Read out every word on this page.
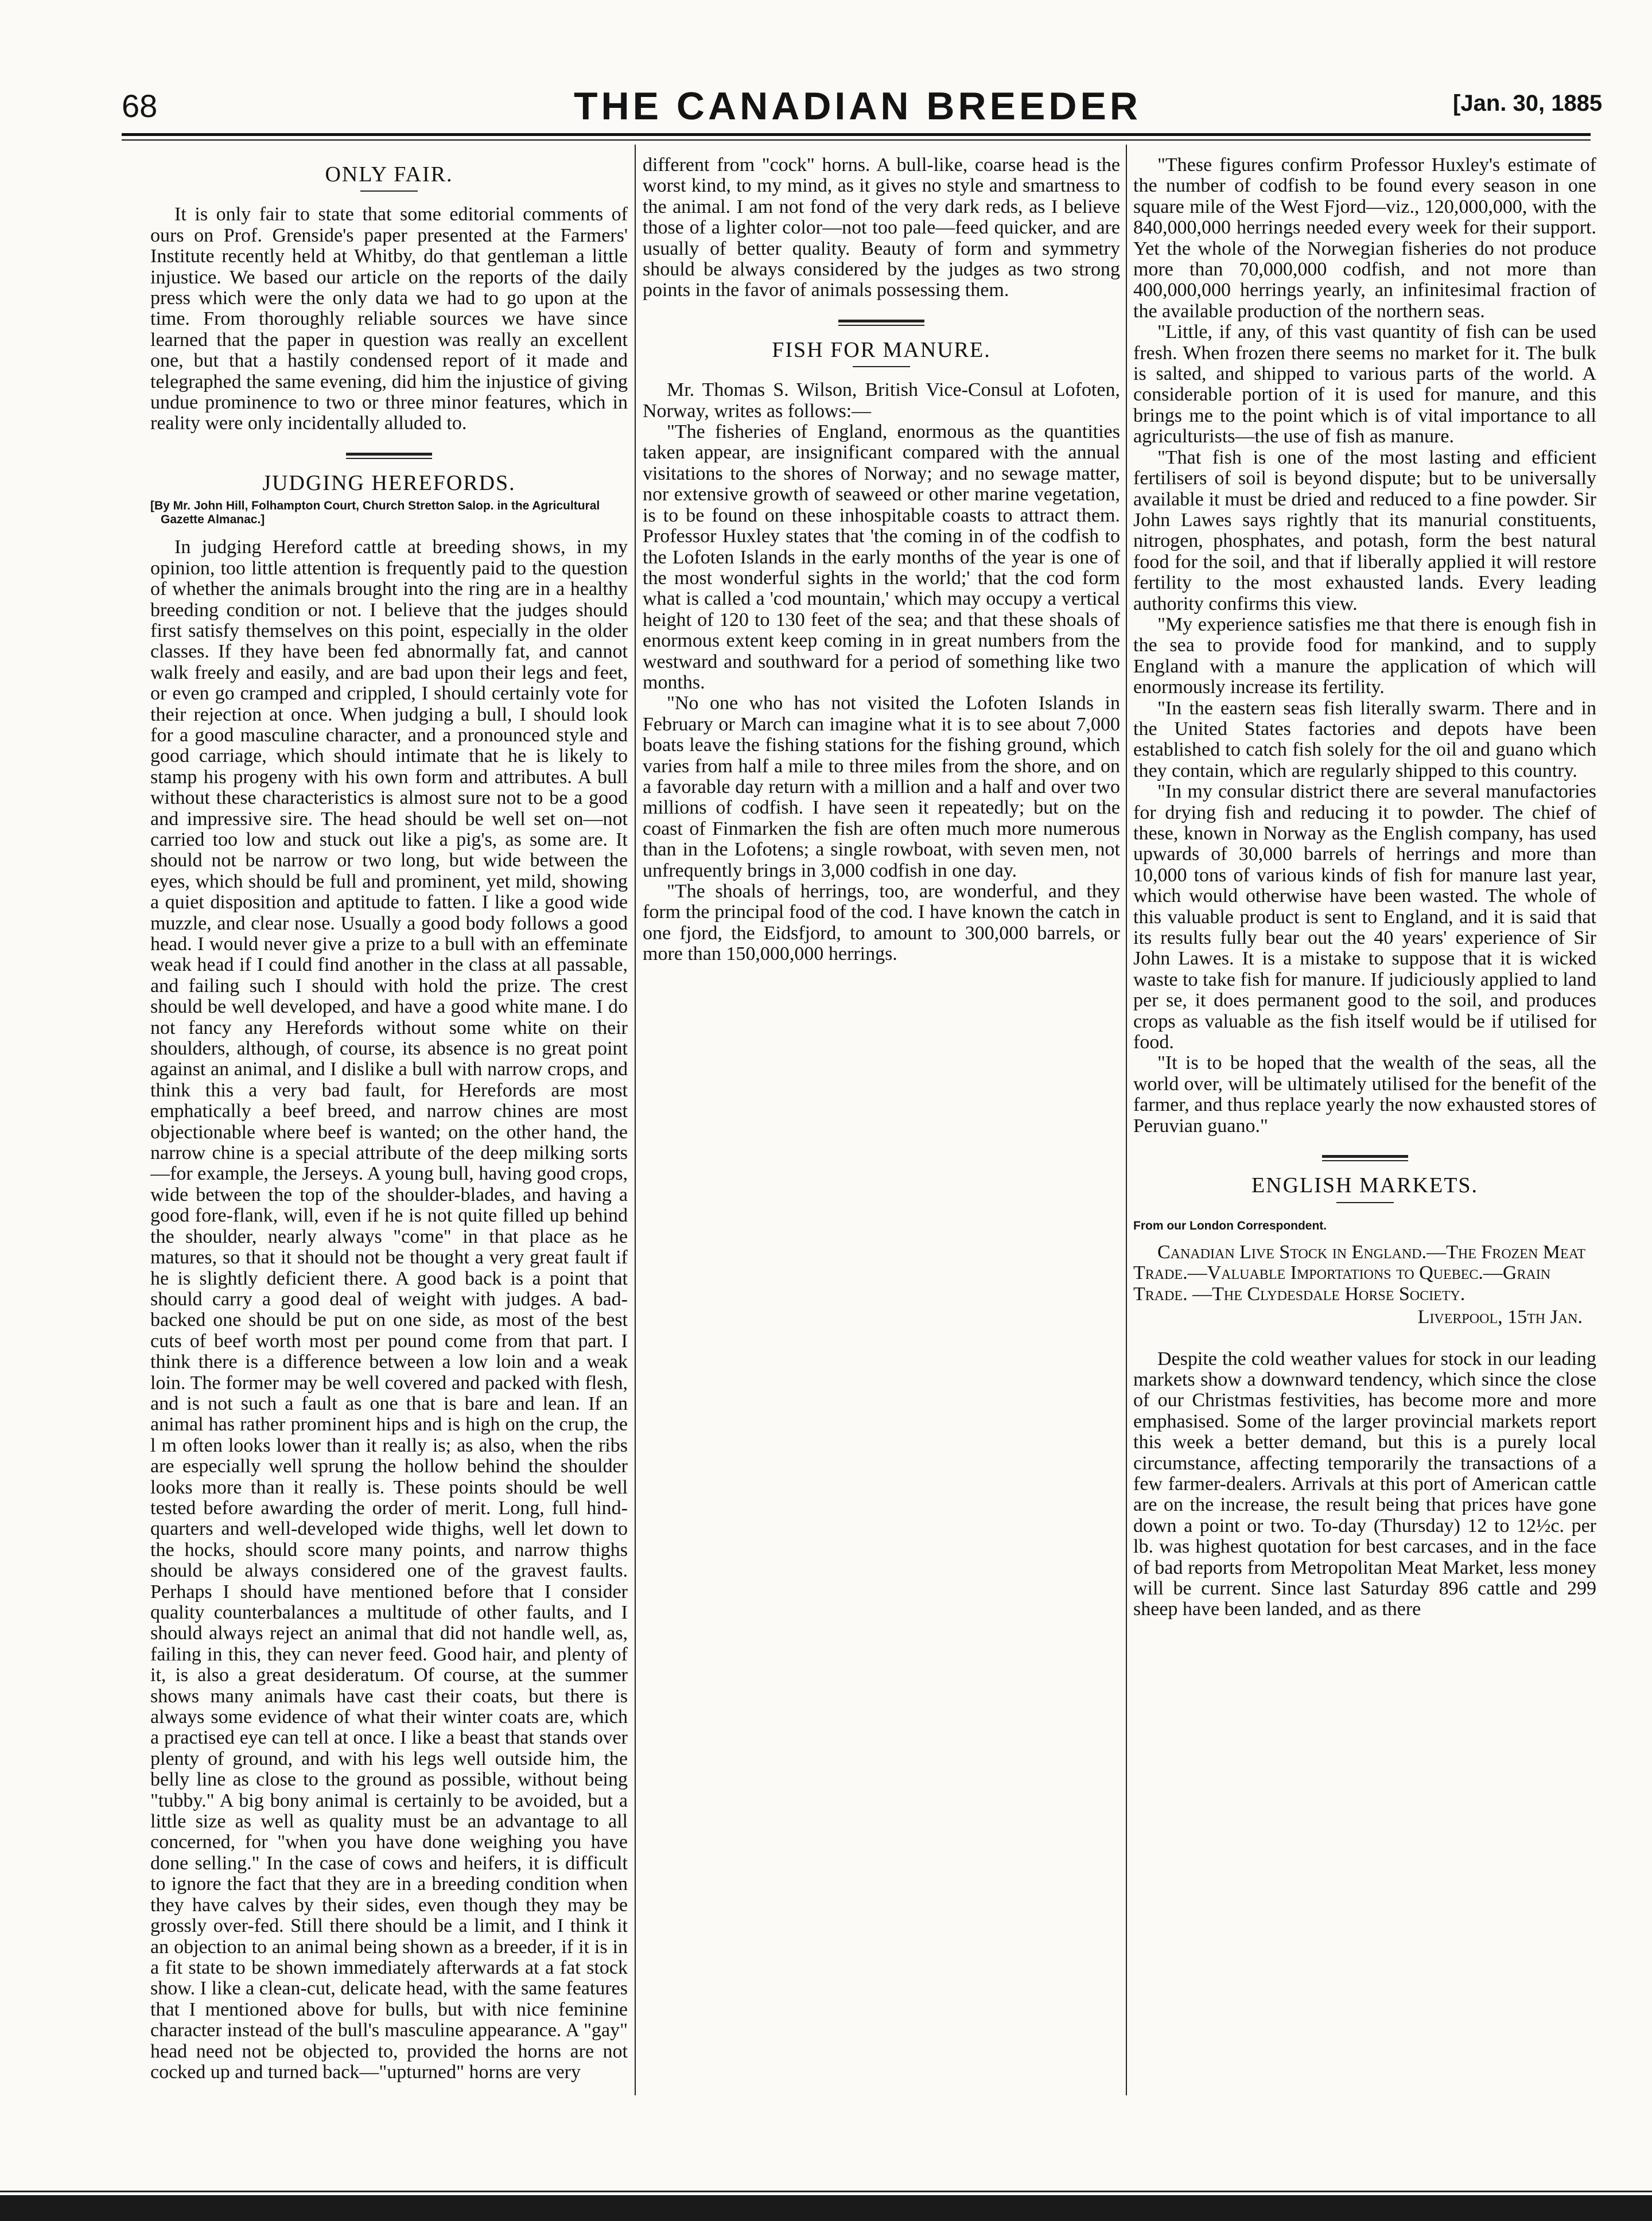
68	THE CANADIAN BREEDER	[Jan. 30, 1885
ONLY FAIR.

It is only fair to state that some editorial comments of ours on Prof. Grenside's paper presented at the Farmers' Institute recently held at Whitby, do that gentleman a little injustice. We based our article on the reports of the daily press which were the only data we had to go upon at the time. From thoroughly reliable sources we have since learned that the paper in question was really an excellent one, but that a hastily condensed report of it made and telegraphed the same evening, did him the injustice of giving undue prominence to two or three minor features, which in reality were only incidentally alluded to.

JUDGING HEREFORDS.
[By Mr. John Hill, Folhampton Court, Church Stretton Salop. in the Agricultural Gazette Almanac.]

In judging Hereford cattle at breeding shows, in my opinion, too little attention is frequently paid to the question of whether the animals brought into the ring are in a healthy breeding condition or not. I believe that the judges should first satisfy themselves on this point, especially in the older classes. If they have been fed abnormally fat, and cannot walk freely and easily, and are bad upon their legs and feet, or even go cramped and crippled, I should certainly vote for their rejection at once. When judging a bull, I should look for a good masculine character, and a pronounced style and good carriage, which should intimate that he is likely to stamp his progeny with his own form and attributes. A bull without these characteristics is almost sure not to be a good and impressive sire. The head should be well set on—not carried too low and stuck out like a pig's, as some are. It should not be narrow or two long, but wide between the eyes, which should be full and prominent, yet mild, showing a quiet disposition and aptitude to fatten. I like a good wide muzzle, and clear nose. Usually a good body follows a good head. I would never give a prize to a bull with an effeminate weak head if I could find another in the class at all passable, and failing such I should with hold the prize. The crest should be well developed, and have a good white mane. I do not fancy any Herefords without some white on their shoulders, although, of course, its absence is no great point against an animal, and I dislike a bull with narrow crops, and think this a very bad fault, for Herefords are most emphatically a beef breed, and narrow chines are most objectionable where beef is wanted; on the other hand, the narrow chine is a special attribute of the deep milking sorts—for example, the Jerseys. A young bull, having good crops, wide between the top of the shoulder-blades, and having a good fore-flank, will, even if he is not quite filled up behind the shoulder, nearly always "come" in that place as he matures, so that it should not be thought a very great fault if he is slightly deficient there. A good back is a point that should carry a good deal of weight with judges. A bad-backed one should be put on one side, as most of the best cuts of beef worth most per pound come from that part. I think there is a difference between a low loin and a weak loin. The former may be well covered and packed with flesh, and is not such a fault as one that is bare and lean. If an animal has rather prominent hips and is high on the crup, the l m often looks lower than it really is; as also, when the ribs are especially well sprung the hollow behind the shoulder looks more than it really is. These points should be well tested before awarding the order of merit. Long, full hind-quarters and well-developed wide thighs, well let down to the hocks, should score many points, and narrow thighs should be always considered one of the gravest faults. Perhaps I should have mentioned before that I consider quality counterbalances a multitude of other faults, and I should always reject an animal that did not handle well, as, failing in this, they can never feed. Good hair, and plenty of it, is also a great desideratum. Of course, at the summer shows many animals have cast their coats, but there is always some evidence of what their winter coats are, which a practised eye can tell at once. I like a beast that stands over plenty of ground, and with his legs well outside him, the belly line as close to the ground as possible, without being "tubby." A big bony animal is certainly to be avoided, but a little size as well as quality must be an advantage to all concerned, for "when you have done weighing you have done selling." In the case of cows and heifers, it is difficult to ignore the fact that they are in a breeding condition when they have calves by their sides, even though they may be grossly over-fed. Still there should be a limit, and I think it an objection to an animal being shown as a breeder, if it is in a fit state to be shown immediately afterwards at a fat stock show. I like a clean-cut, delicate head, with the same features that I mentioned above for bulls, but with nice feminine character instead of the bull's masculine appearance. A "gay" head need not be objected to, provided the horns are not cocked up and turned back—"upturned" horns are very

different from "cock" horns. A bull-like, coarse head is the worst kind, to my mind, as it gives no style and smartness to the animal. I am not fond of the very dark reds, as I believe those of a lighter color—not too pale—feed quicker, and are usually of better quality. Beauty of form and symmetry should be always considered by the judges as two strong points in the favor of animals possessing them.

FISH FOR MANURE.

Mr. Thomas S. Wilson, British Vice-Consul at Lofoten, Norway, writes as follows:—

"The fisheries of England, enormous as the quantities taken appear, are insignificant compared with the annual visitations to the shores of Norway; and no sewage matter, nor extensive growth of seaweed or other marine vegetation, is to be found on these inhospitable coasts to attract them. Professor Huxley states that 'the coming in of the codfish to the Lofoten Islands in the early months of the year is one of the most wonderful sights in the world;' that the cod form what is called a 'cod mountain,' which may occupy a vertical height of 120 to 130 feet of the sea; and that these shoals of enormous extent keep coming in in great numbers from the westward and southward for a period of something like two months.

"No one who has not visited the Lofoten Islands in February or March can imagine what it is to see about 7,000 boats leave the fishing stations for the fishing ground, which varies from half a mile to three miles from the shore, and on a favorable day return with a million and a half and over two millions of codfish. I have seen it repeatedly; but on the coast of Finmarken the fish are often much more numerous than in the Lofotens; a single rowboat, with seven men, not unfrequently brings in 3,000 codfish in one day.

"The shoals of herrings, too, are wonderful, and they form the principal food of the cod. I have known the catch in one fjord, the Eidsfjord, to amount to 300,000 barrels, or more than 150,000,000 herrings.

"These figures confirm Professor Huxley's estimate of the number of codfish to be found every season in one square mile of the West Fjord—viz., 120,000,000, with the 840,000,000 herrings needed every week for their support. Yet the whole of the Norwegian fisheries do not produce more than 70,000,000 codfish, and not more than 400,000,000 herrings yearly, an infinitesimal fraction of the available production of the northern seas.

"Little, if any, of this vast quantity of fish can be used fresh. When frozen there seems no market for it. The bulk is salted, and shipped to various parts of the world. A considerable portion of it is used for manure, and this brings me to the point which is of vital importance to all agriculturists—the use of fish as manure.

"That fish is one of the most lasting and efficient fertilisers of soil is beyond dispute; but to be universally available it must be dried and reduced to a fine powder. Sir John Lawes says rightly that its manurial constituents, nitrogen, phosphates, and potash, form the best natural food for the soil, and that if liberally applied it will restore fertility to the most exhausted lands. Every leading authority confirms this view.

"My experience satisfies me that there is enough fish in the sea to provide food for mankind, and to supply England with a manure the application of which will enormously increase its fertility.

"In the eastern seas fish literally swarm. There and in the United States factories and depots have been established to catch fish solely for the oil and guano which they contain, which are regularly shipped to this country.

"In my consular district there are several manufactories for drying fish and reducing it to powder. The chief of these, known in Norway as the English company, has used upwards of 30,000 barrels of herrings and more than 10,000 tons of various kinds of fish for manure last year, which would otherwise have been wasted. The whole of this valuable product is sent to England, and it is said that its results fully bear out the 40 years' experience of Sir John Lawes. It is a mistake to suppose that it is wicked waste to take fish for manure. If judiciously applied to land per se, it does permanent good to the soil, and produces crops as valuable as the fish itself would be if utilised for food.

"It is to be hoped that the wealth of the seas, all the world over, will be ultimately utilised for the benefit of the farmer, and thus replace yearly the now exhausted stores of Peruvian guano."

ENGLISH MARKETS.
From our London Correspondent.

Canadian Live Stock in England.—The Frozen Meat Trade.—Valuable Importations to Quebec.—Grain Trade. —The Clydesdale Horse Society.

Liverpool, 15th Jan.

Despite the cold weather values for stock in our leading markets show a downward tendency, which since the close of our Christmas festivities, has become more and more emphasised. Some of the larger provincial markets report this week a better demand, but this is a purely local circumstance, affecting temporarily the transactions of a few farmer-dealers. Arrivals at this port of American cattle are on the increase, the result being that prices have gone down a point or two. To-day (Thursday) 12 to 12½c. per lb. was highest quotation for best carcases, and in the face of bad reports from Metropolitan Meat Market, less money will be current. Since last Saturday 896 cattle and 299 sheep have been landed, and as there
